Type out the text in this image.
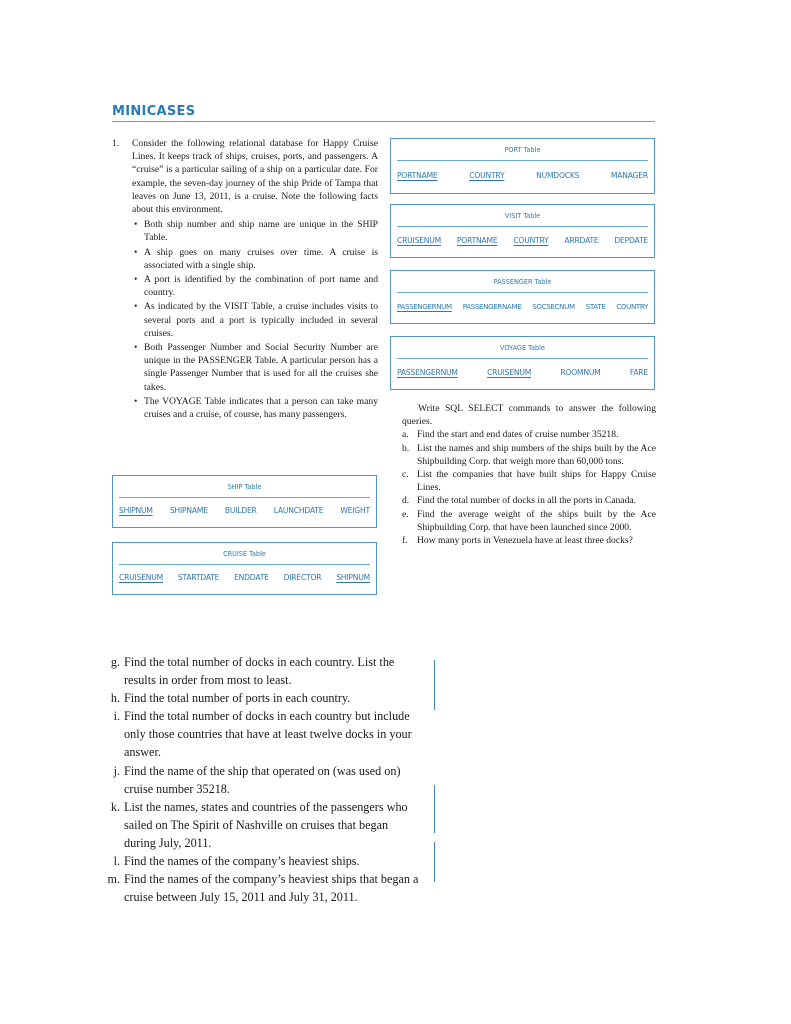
MINICASES
1. Consider the following relational database for Happy Cruise Lines. It keeps track of ships, cruises, ports, and passengers. A “cruise” is a particular sailing of a ship on a particular date. For example, the seven-day journey of the ship Pride of Tampa that leaves on June 13, 2011, is a cruise. Note the following facts about this environment.
• Both ship number and ship name are unique in the SHIP Table.
• A ship goes on many cruises over time. A cruise is associated with a single ship.
• A port is identified by the combination of port name and country.
• As indicated by the VISIT Table, a cruise includes visits to several ports and a port is typically included in several cruises.
• Both Passenger Number and Social Security Number are unique in the PASSENGER Table. A particular person has a single Passenger Number that is used for all the cruises she takes.
• The VOYAGE Table indicates that a person can take many cruises and a cruise, of course, has many passengers.
PORT Table
PORTNAME	COUNTRY	NUMDOCKS	MANAGER
VISIT Table
CRUISENUM PORTNAME COUNTRY ARRDATE DEPDATE
PASSENGER Table
PASSENGERNUM PASSENGERNAME SOCSECNUM STATE COUNTRY
VOYAGE Table
PASSENGERNUM	CRUISENUM	ROOMNUM	FARE
SHIP Table
SHIPNUM SHIPNAME BUILDER LAUNCHDATE WEIGHT
CRUISE Table
CRUISENUM STARTDATE ENDDATE DIRECTOR SHIPNUM
Write SQL SELECT commands to answer the following queries.
a. Find the start and end dates of cruise number 35218.
b. List the names and ship numbers of the ships built by the Ace Shipbuilding Corp. that weigh more than 60,000 tons.
c. List the companies that have built ships for Happy Cruise Lines.
d. Find the total number of docks in all the ports in Canada.
e. Find the average weight of the ships built by the Ace Shipbuilding Corp. that have been launched since 2000.
f. How many ports in Venezuela have at least three docks?
g. Find the total number of docks in each country. List the results in order from most to least.
h. Find the total number of ports in each country.
i. Find the total number of docks in each country but include only those countries that have at least twelve docks in your answer.
j. Find the name of the ship that operated on (was used on) cruise number 35218.
k. List the names, states and countries of the passengers who sailed on The Spirit of Nashville on cruises that began during July, 2011.
l. Find the names of the company’s heaviest ships.
m. Find the names of the company’s heaviest ships that began a cruise between July 15, 2011 and July 31, 2011.
